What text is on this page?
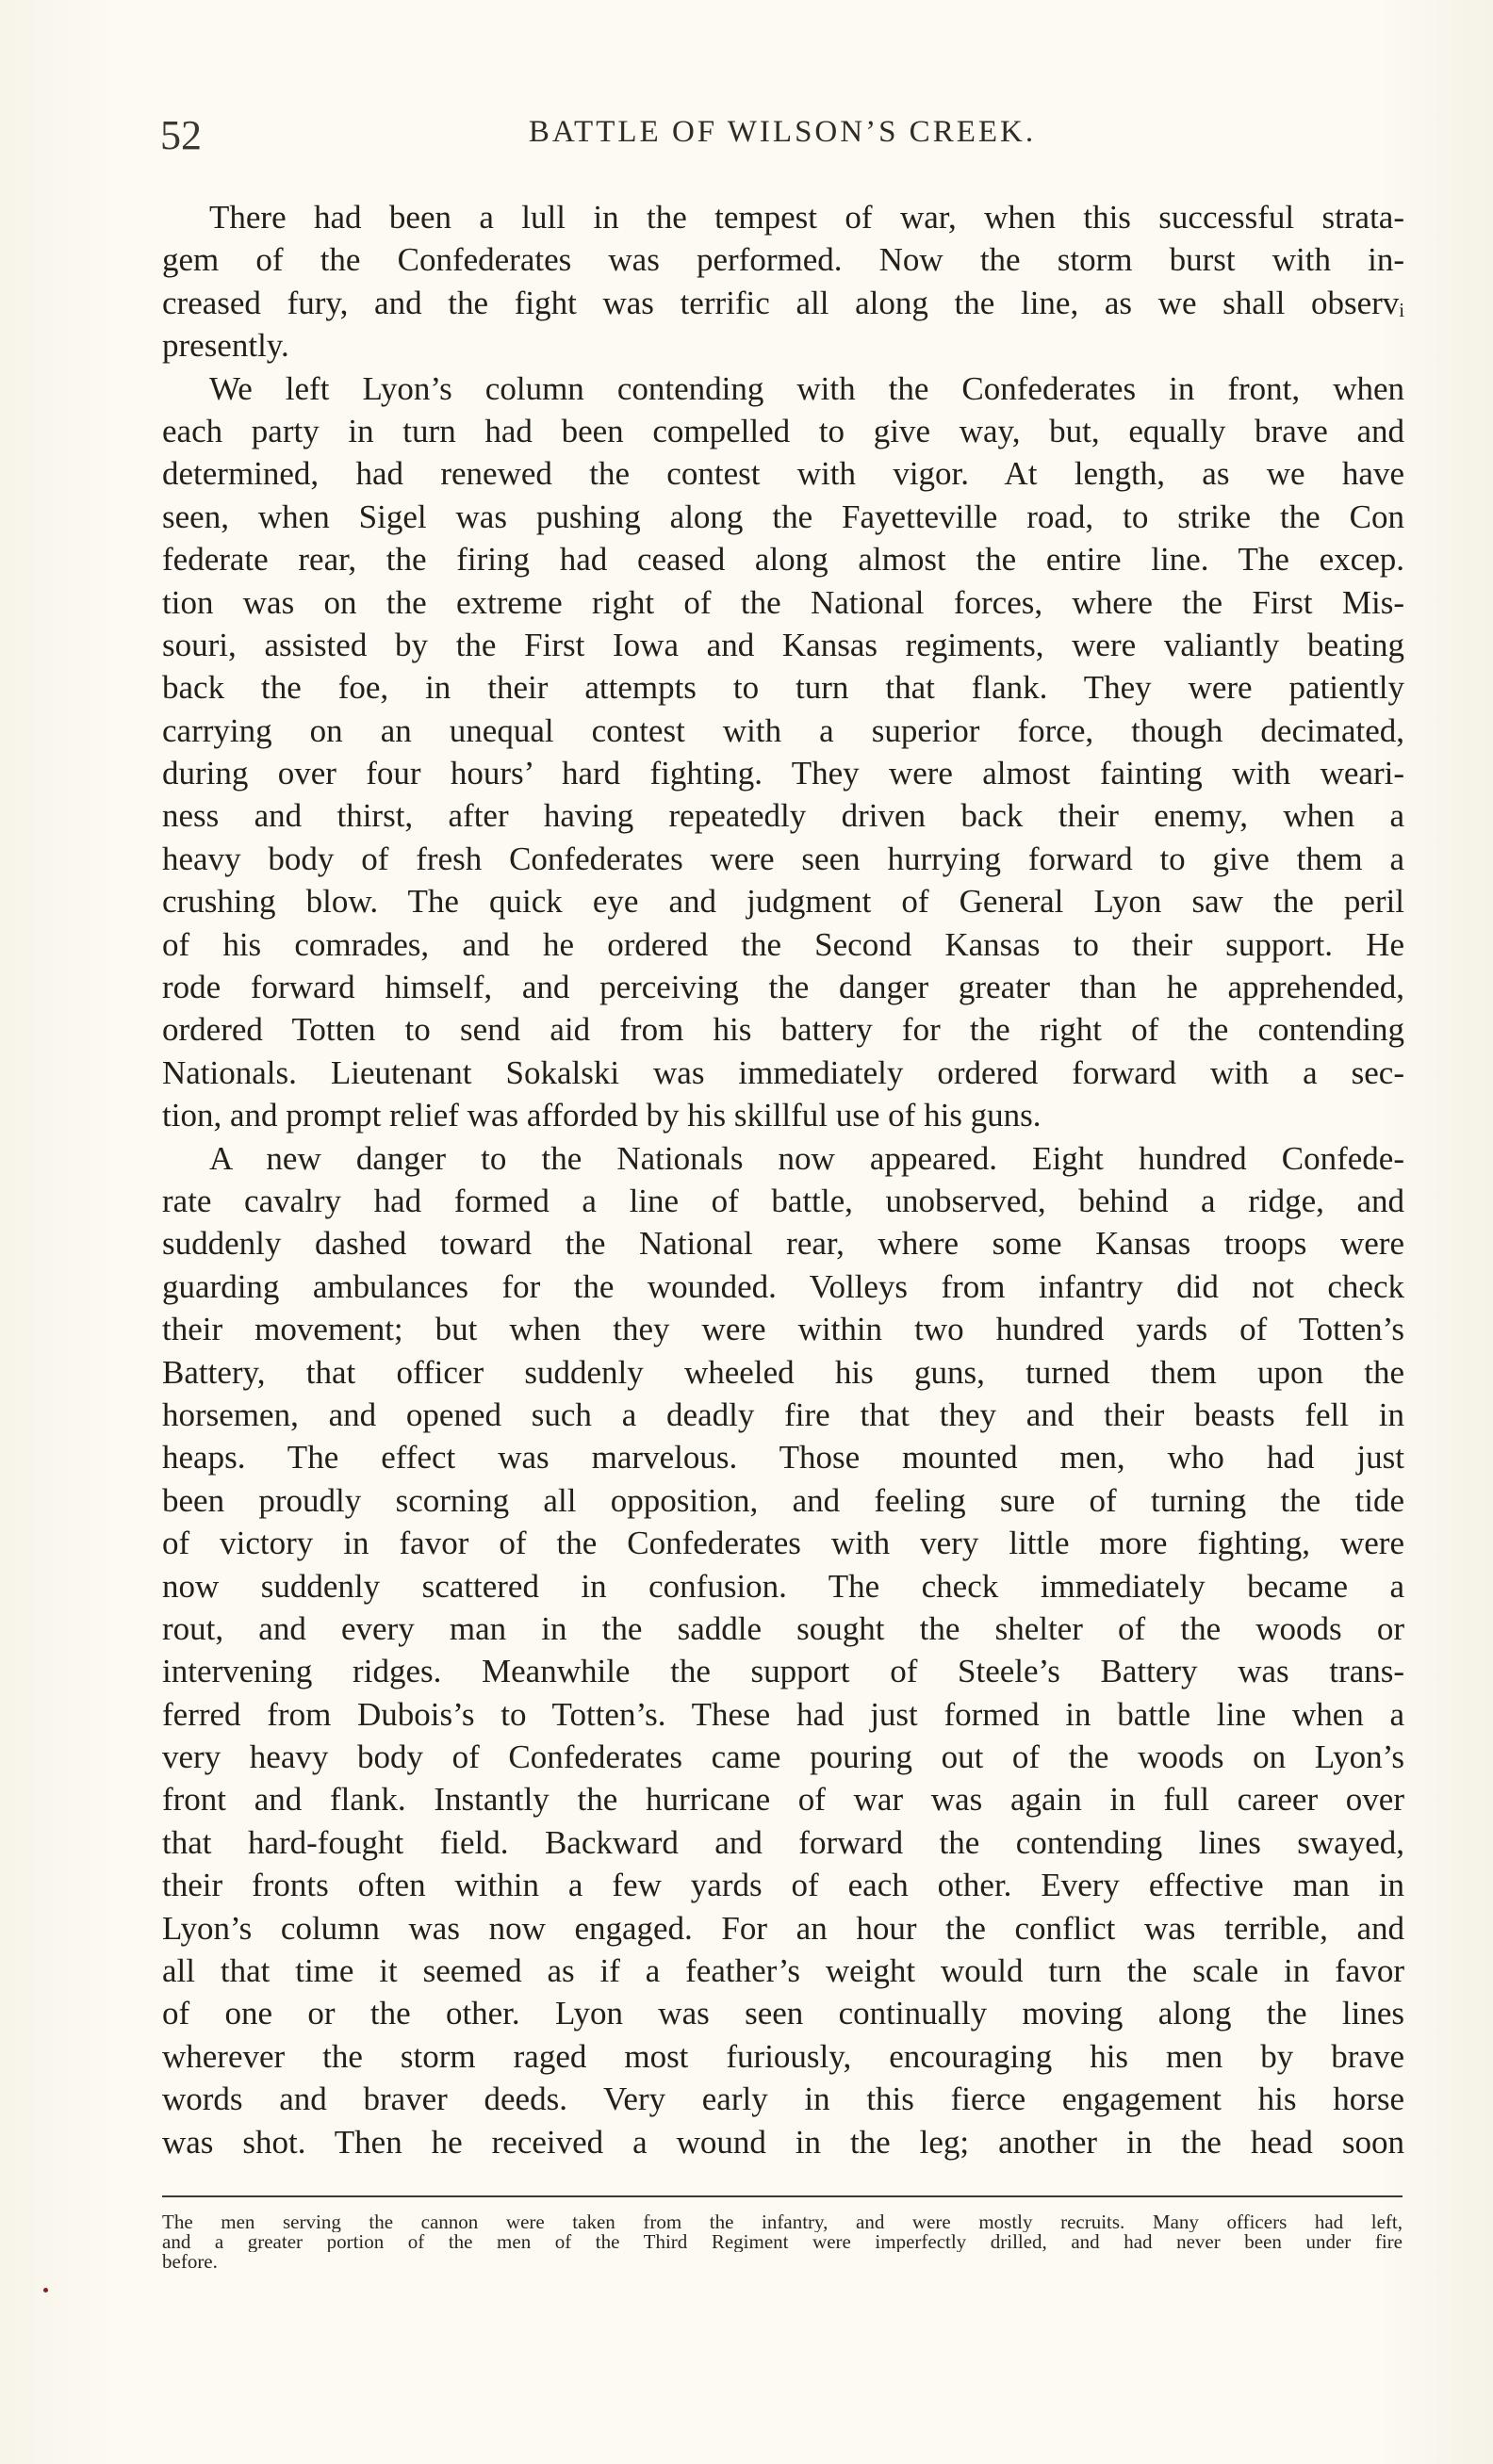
52	BATTLE OF WILSON’S CREEK.
There had been a lull in the tempest of war, when this successful strata-
gem of the Confederates was performed. Now the storm burst with in-
creased fury, and the fight was terrific all along the line, as we shall observᵢ
presently.
We left Lyon’s column contending with the Confederates in front, when
each party in turn had been compelled to give way, but, equally brave and
determined, had renewed the contest with vigor. At length, as we have
seen, when Sigel was pushing along the Fayetteville road, to strike the Con
federate rear, the firing had ceased along almost the entire line. The excep.
tion was on the extreme right of the National forces, where the First Mis-
souri, assisted by the First Iowa and Kansas regiments, were valiantly beating
back the foe, in their attempts to turn that flank. They were patiently
carrying on an unequal contest with a superior force, though decimated,
during over four hours’ hard fighting. They were almost fainting with weari-
ness and thirst, after having repeatedly driven back their enemy, when a
heavy body of fresh Confederates were seen hurrying forward to give them a
crushing blow. The quick eye and judgment of General Lyon saw the peril
of his comrades, and he ordered the Second Kansas to their support. He
rode forward himself, and perceiving the danger greater than he apprehended,
ordered Totten to send aid from his battery for the right of the contending
Nationals. Lieutenant Sokalski was immediately ordered forward with a sec-
tion, and prompt relief was afforded by his skillful use of his guns.
A new danger to the Nationals now appeared. Eight hundred Confede-
rate cavalry had formed a line of battle, unobserved, behind a ridge, and
suddenly dashed toward the National rear, where some Kansas troops were
guarding ambulances for the wounded. Volleys from infantry did not check
their movement; but when they were within two hundred yards of Totten’s
Battery, that officer suddenly wheeled his guns, turned them upon the
horsemen, and opened such a deadly fire that they and their beasts fell in
heaps. The effect was marvelous. Those mounted men, who had just
been proudly scorning all opposition, and feeling sure of turning the tide
of victory in favor of the Confederates with very little more fighting, were
now suddenly scattered in confusion. The check immediately became a
rout, and every man in the saddle sought the shelter of the woods or
intervening ridges. Meanwhile the support of Steele’s Battery was trans-
ferred from Dubois’s to Totten’s. These had just formed in battle line when a
very heavy body of Confederates came pouring out of the woods on Lyon’s
front and flank. Instantly the hurricane of war was again in full career over
that hard-fought field. Backward and forward the contending lines swayed,
their fronts often within a few yards of each other. Every effective man in
Lyon’s column was now engaged. For an hour the conflict was terrible, and
all that time it seemed as if a feather’s weight would turn the scale in favor
of one or the other. Lyon was seen continually moving along the lines
wherever the storm raged most furiously, encouraging his men by brave
words and braver deeds. Very early in this fierce engagement his horse
was shot. Then he received a wound in the leg; another in the head soon
The men serving the cannon were taken from the infantry, and were mostly recruits. Many officers had left,
and a greater portion of the men of the Third Regiment were imperfectly drilled, and had never been under fire
before.
